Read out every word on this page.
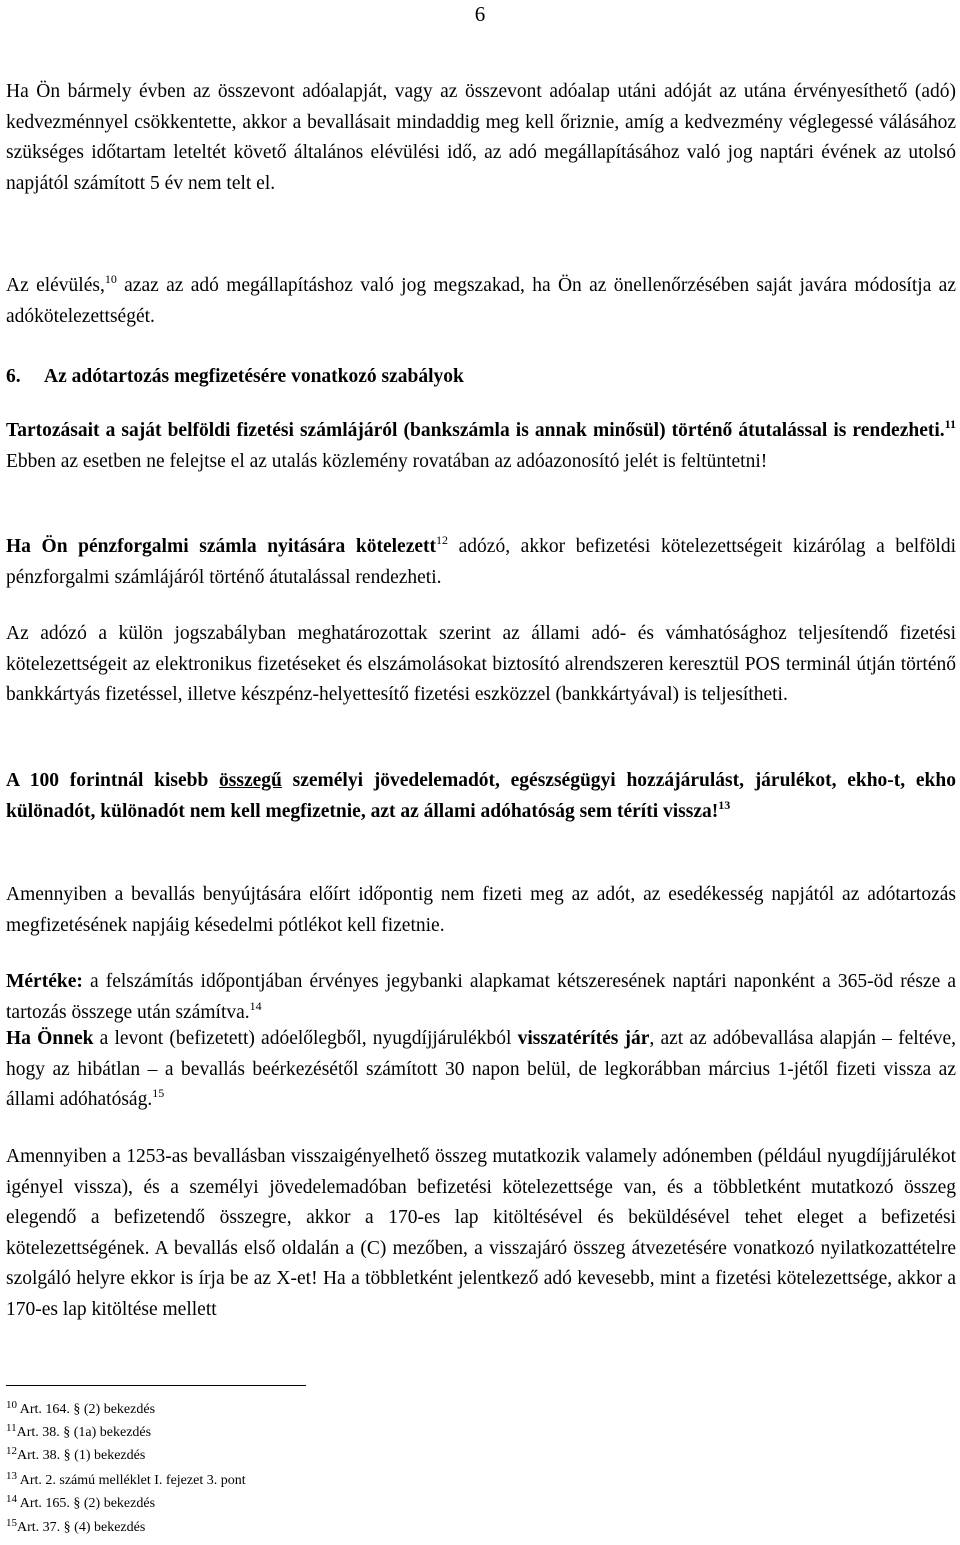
6

Ha Ön bármely évben az összevont adóalapját, vagy az összevont adóalap utáni adóját az utána érvényesíthető (adó) kedvezménnyel csökkentette, akkor a bevallásait mindaddig meg kell őriznie, amíg a kedvezmény véglegessé válásához szükséges időtartam leteltét követő általános elévülési idő, az adó megállapításához való jog naptári évének az utolsó napjától számított 5 év nem telt el.

Az elévülés,$^{10}$ azaz az adó megállapításhoz való jog megszakad, ha Ön az önellenőrzésében saját javára módosítja az adókötelezettségét.

6. Az adótartozás megfizetésére vonatkozó szabályok

Tartozásait a saját belföldi fizetési számlájáról (bankszámla is annak minősül) történő átutalással is rendezheti.$^{11}$ Ebben az esetben ne felejtse el az utalás közlemény rovatában az adóazonosító jelét is feltüntetni!

Ha Ön pénzforgalmi számla nyitására kötelezett$^{12}$ adózó, akkor befizetési kötelezettségeit kizárólag a belföldi pénzforgalmi számlájáról történő átutalással rendezheti.

Az adózó a külön jogszabályban meghatározottak szerint az állami adó- és vámhatósághoz teljesítendő fizetési kötelezettségeit az elektronikus fizetéseket és elszámolásokat biztosító alrendszeren keresztül POS terminál útján történő bankkártyás fizetéssel, illetve készpénz-helyettesítő fizetési eszközzel (bankkártyával) is teljesítheti.

A 100 forintnál kisebb összegű személyi jövedelemadót, egészségügyi hozzájárulást, járulékot, ekho-t, ekho különadót, különadót nem kell megfizetnie, azt az állami adóhatóság sem téríti vissza!$^{13}$

Amennyiben a bevallás benyújtására előírt időpontig nem fizeti meg az adót, az esedékesség napjától az adótartozás megfizetésének napjáig késedelmi pótlékot kell fizetnie.

Mértéke: a felszámítás időpontjában érvényes jegybanki alapkamat kétszeresének naptári naponként a 365-öd része a tartozás összege után számítva.$^{14}$

Ha Önnek a levont (befizetett) adóelőlegből, nyugdíjjárulékból visszatérítés jár, azt az adóbevallása alapján – feltéve, hogy az hibátlan – a bevallás beérkezésétől számított 30 napon belül, de legkorábban március 1-jétől fizeti vissza az állami adóhatóság.$^{15}$

Amennyiben a 1253-as bevallásban visszaigényelhető összeg mutatkozik valamely adónemben (például nyugdíjjárulékot igényel vissza), és a személyi jövedelemadóban befizetési kötelezettsége van, és a többletként mutatkozó összeg elegendő a befizetendő összegre, akkor a 170-es lap kitöltésével és beküldésével tehet eleget a befizetési kötelezettségének. A bevallás első oldalán a (C) mezőben, a visszajáró összeg átvezetésére vonatkozó nyilatkozattételre szolgáló helyre ekkor is írja be az X-et! Ha a többletként jelentkező adó kevesebb, mint a fizetési kötelezettsége, akkor a 170-es lap kitöltése mellett

$^{10}$ Art. 164. § (2) bekezdés
$^{11}$Art. 38. § (1a) bekezdés
$^{12}$Art. 38. § (1) bekezdés
$^{13}$ Art. 2. számú melléklet I. fejezet 3. pont
$^{14}$ Art. 165. § (2) bekezdés
$^{15}$Art. 37. § (4) bekezdés
